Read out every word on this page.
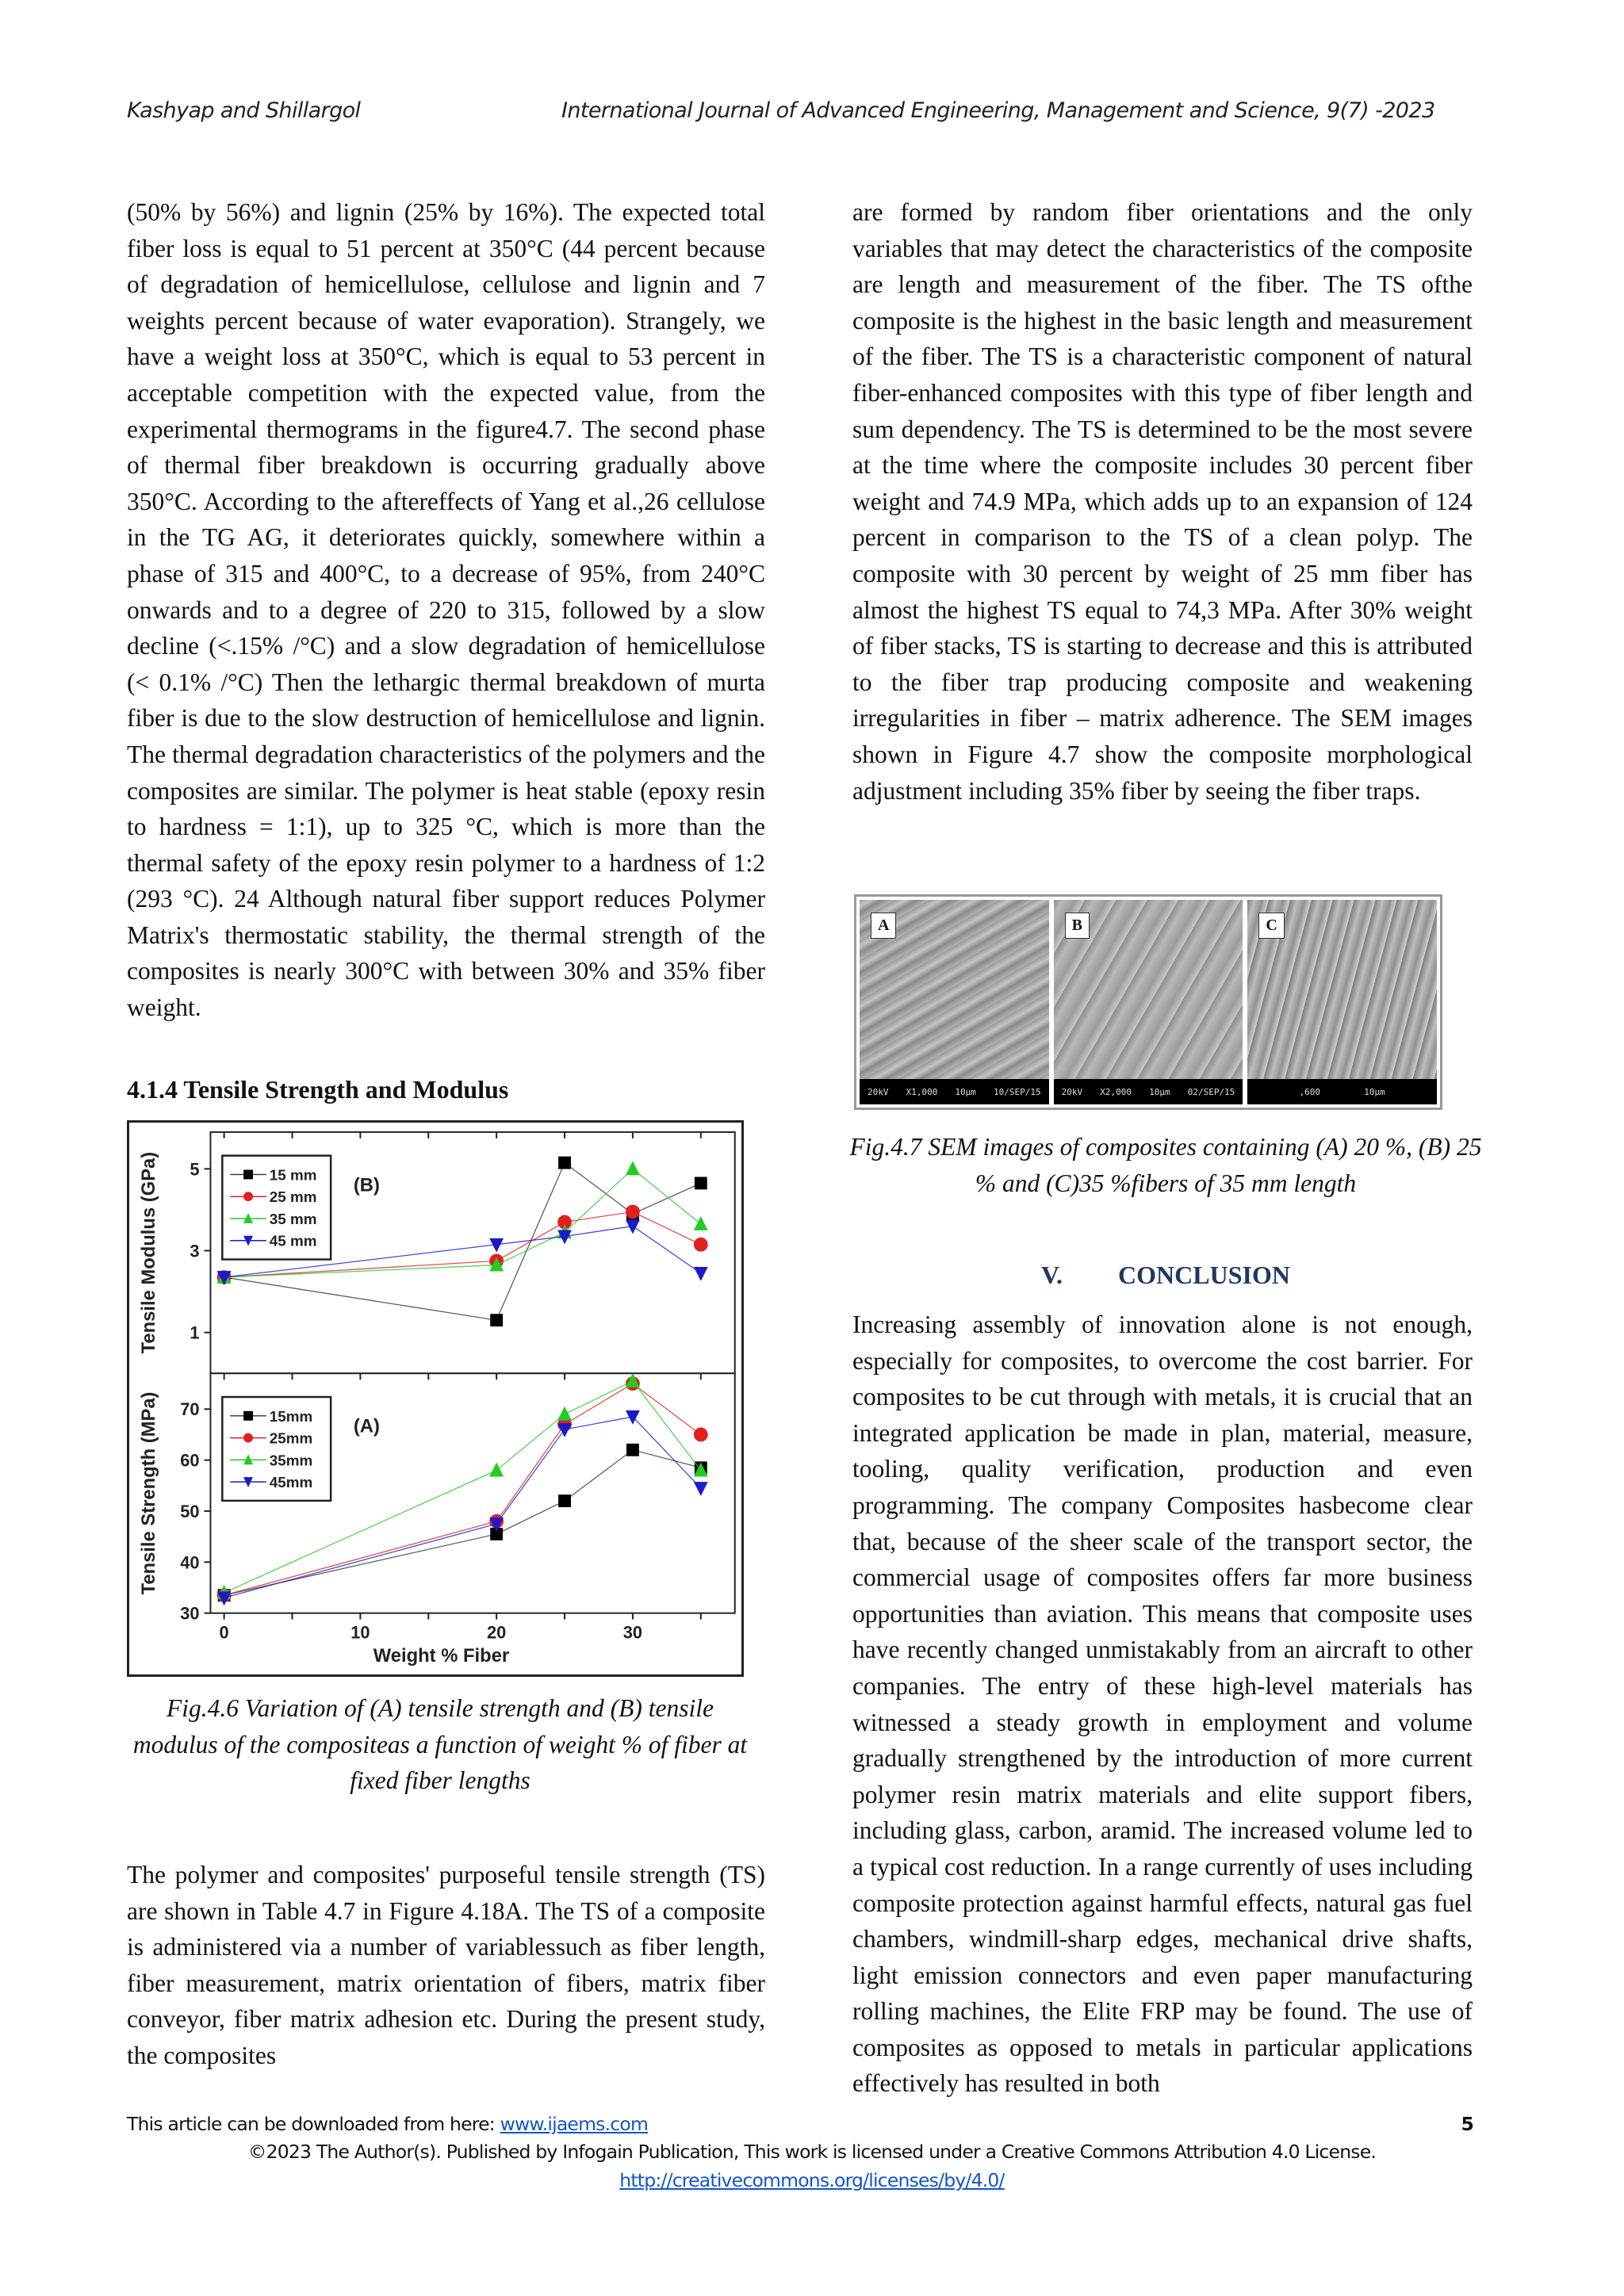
Kashyap and Shillargol	International Journal of Advanced Engineering, Management and Science, 9(7) -2023

(50% by 56%) and lignin (25% by 16%). The expected total fiber loss is equal to 51 percent at 350°C (44 percent because of degradation of hemicellulose, cellulose and lignin and 7 weights percent because of water evaporation). Strangely, we have a weight loss at 350°C, which is equal to 53 percent in acceptable competition with the expected value, from the experimental thermograms in the figure4.7. The second phase of thermal fiber breakdown is occurring gradually above 350°C. According to the aftereffects of Yang et al.,26 cellulose in the TG AG, it deteriorates quickly, somewhere within a phase of 315 and 400°C, to a decrease of 95%, from 240°C onwards and to a degree of 220 to 315, followed by a slow decline (<.15% /°C) and a slow degradation of hemicellulose (< 0.1% /°C) Then the lethargic thermal breakdown of murta fiber is due to the slow destruction of hemicellulose and lignin. The thermal degradation characteristics of the polymers and the composites are similar. The polymer is heat stable (epoxy resin to hardness = 1:1), up to 325 °C, which is more than the thermal safety of the epoxy resin polymer to a hardness of 1:2 (293 °C). 24 Although natural fiber support reduces Polymer Matrix's thermostatic stability, the thermal strength of the composites is nearly 300°C with between 30% and 35% fiber weight.

4.1.4 Tensile Strength and Modulus
1
3
5
Tensile Modulus (GPa)	(B)
15 mm
25 mm
35 mm
45 mm
30
40
50
60
70
Tensile Strength (MPa)	(A)
15mm
25mm
35mm
45mm
0	10	20	30
Weight % Fiber
Fig.4.6 Variation of (A) tensile strength and (B) tensile modulus of the compositeas a function of weight % of fiber at fixed fiber lengths

The polymer and composites' purposeful tensile strength (TS) are shown in Table 4.7 in Figure 4.18A. The TS of a composite is administered via a number of variablessuch as fiber length, fiber measurement, matrix orientation of fibers, matrix fiber conveyor, fiber matrix adhesion etc. During the present study, the composites

are formed by random fiber orientations and the only variables that may detect the characteristics of the composite are length and measurement of the fiber. The TS ofthe composite is the highest in the basic length and measurement of the fiber. The TS is a characteristic component of natural fiber-enhanced composites with this type of fiber length and sum dependency. The TS is determined to be the most severe at the time where the composite includes 30 percent fiber weight and 74.9 MPa, which adds up to an expansion of 124 percent in comparison to the TS of a clean polyp. The composite with 30 percent by weight of 25 mm fiber has almost the highest TS equal to 74,3 MPa. After 30% weight of fiber stacks, TS is starting to decrease and this is attributed to the fiber trap producing composite and weakening irregularities in fiber – matrix adherence. The SEM images shown in Figure 4.7 show the composite morphological adjustment including 35% fiber by seeing the fiber traps.

A
20kV X1,000 10μm 10/SEP/15
B
20kV X2,000 10μm 02/SEP/15
C
,600	10μm
Fig.4.7 SEM images of composites containing (A) 20 %, (B) 25 % and (C)35 %fibers of 35 mm length
V. CONCLUSION

Increasing assembly of innovation alone is not enough, especially for composites, to overcome the cost barrier. For composites to be cut through with metals, it is crucial that an integrated application be made in plan, material, measure, tooling, quality verification, production and even programming. The company Composites hasbecome clear that, because of the sheer scale of the transport sector, the commercial usage of composites offers far more business opportunities than aviation. This means that composite uses have recently changed unmistakably from an aircraft to other companies. The entry of these high-level materials has witnessed a steady growth in employment and volume gradually strengthened by the introduction of more current polymer resin matrix materials and elite support fibers, including glass, carbon, aramid. The increased volume led to a typical cost reduction. In a range currently of uses including composite protection against harmful effects, natural gas fuel chambers, windmill-sharp edges, mechanical drive shafts, light emission connectors and even paper manufacturing rolling machines, the Elite FRP may be found. The use of composites as opposed to metals in particular applications effectively has resulted in both

This article can be downloaded from here: www.ijaems.com	5
©2023 The Author(s). Published by Infogain Publication, This work is licensed under a Creative Commons Attribution 4.0 License.
http://creativecommons.org/licenses/by/4.0/
